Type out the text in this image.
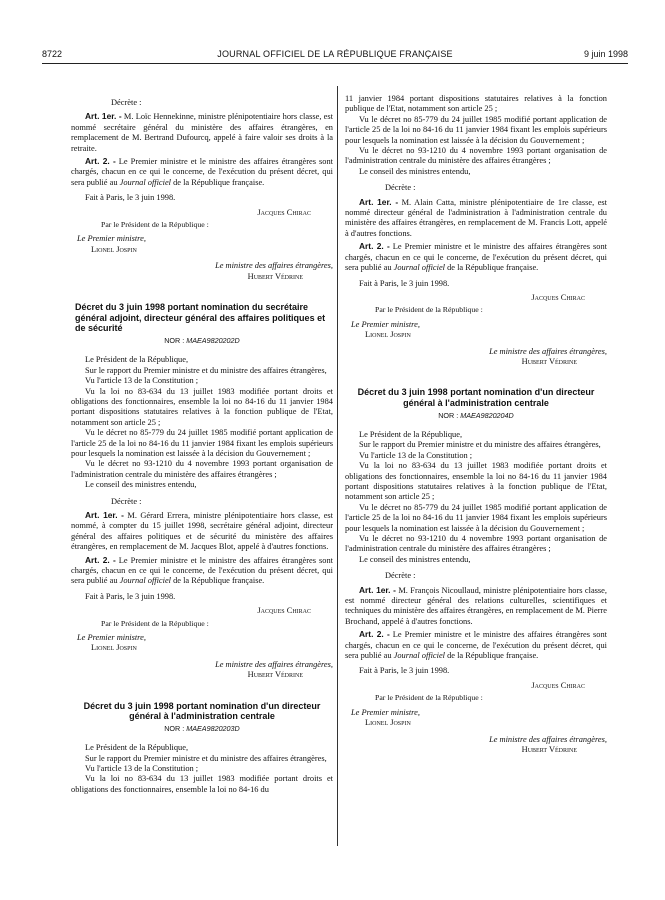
8722	JOURNAL OFFICIEL DE LA RÉPUBLIQUE FRANÇAISE	9 juin 1998

Décrète :

Art. 1er. - M. Loïc Hennekinne, ministre plénipotentiaire hors classe, est nommé secrétaire général du ministère des affaires étrangères, en remplacement de M. Bertrand Dufourcq, appelé à faire valoir ses droits à la retraite.

Art. 2. - Le Premier ministre et le ministre des affaires étrangères sont chargés, chacun en ce qui le concerne, de l'exécution du présent décret, qui sera publié au Journal officiel de la République française.

Fait à Paris, le 3 juin 1998.

Jacques Chirac

Par le Président de la République :

Le Premier ministre,

Lionel Jospin

Le ministre des affaires étrangères,

Hubert Védrine

Décret du 3 juin 1998 portant nomination du secrétaire général adjoint, directeur général des affaires politiques et de sécurité
NOR : MAEA9820202D

Le Président de la République,

Sur le rapport du Premier ministre et du ministre des affaires étrangères,

Vu l'article 13 de la Constitution ;

Vu la loi no 83-634 du 13 juillet 1983 modifiée portant droits et obligations des fonctionnaires, ensemble la loi no 84-16 du 11 janvier 1984 portant dispositions statutaires relatives à la fonction publique de l'Etat, notamment son article 25 ;

Vu le décret no 85-779 du 24 juillet 1985 modifié portant application de l'article 25 de la loi no 84-16 du 11 janvier 1984 fixant les emplois supérieurs pour lesquels la nomination est laissée à la décision du Gouvernement ;

Vu le décret no 93-1210 du 4 novembre 1993 portant organisation de l'administration centrale du ministère des affaires étrangères ;

Le conseil des ministres entendu,

Décrète :

Art. 1er. - M. Gérard Errera, ministre plénipotentiaire hors classe, est nommé, à compter du 15 juillet 1998, secrétaire général adjoint, directeur général des affaires politiques et de sécurité du ministère des affaires étrangères, en remplacement de M. Jacques Blot, appelé à d'autres fonctions.

Art. 2. - Le Premier ministre et le ministre des affaires étrangères sont chargés, chacun en ce qui le concerne, de l'exécution du présent décret, qui sera publié au Journal officiel de la République française.

Fait à Paris, le 3 juin 1998.

Jacques Chirac

Par le Président de la République :

Le Premier ministre,

Lionel Jospin

Le ministre des affaires étrangères,

Hubert Védrine

Décret du 3 juin 1998 portant nomination d'un directeur général à l'administration centrale
NOR : MAEA9820203D

Le Président de la République,

Sur le rapport du Premier ministre et du ministre des affaires étrangères,

Vu l'article 13 de la Constitution ;

Vu la loi no 83-634 du 13 juillet 1983 modifiée portant droits et obligations des fonctionnaires, ensemble la loi no 84-16 du

11 janvier 1984 portant dispositions statutaires relatives à la fonction publique de l'Etat, notamment son article 25 ;

Vu le décret no 85-779 du 24 juillet 1985 modifié portant application de l'article 25 de la loi no 84-16 du 11 janvier 1984 fixant les emplois supérieurs pour lesquels la nomination est laissée à la décision du Gouvernement ;

Vu le décret no 93-1210 du 4 novembre 1993 portant organisation de l'administration centrale du ministère des affaires étrangères ;

Le conseil des ministres entendu,

Décrète :

Art. 1er. - M. Alain Catta, ministre plénipotentiaire de 1re classe, est nommé directeur général de l'administration à l'administration centrale du ministère des affaires étrangères, en remplacement de M. Francis Lott, appelé à d'autres fonctions.

Art. 2. - Le Premier ministre et le ministre des affaires étrangères sont chargés, chacun en ce qui le concerne, de l'exécution du présent décret, qui sera publié au Journal officiel de la République française.

Fait à Paris, le 3 juin 1998.

Jacques Chirac

Par le Président de la République :

Le Premier ministre,

Lionel Jospin

Le ministre des affaires étrangères,

Hubert Védrine

Décret du 3 juin 1998 portant nomination d'un directeur général à l'administration centrale
NOR : MAEA9820204D

Le Président de la République,

Sur le rapport du Premier ministre et du ministre des affaires étrangères,

Vu l'article 13 de la Constitution ;

Vu la loi no 83-634 du 13 juillet 1983 modifiée portant droits et obligations des fonctionnaires, ensemble la loi no 84-16 du 11 janvier 1984 portant dispositions statutaires relatives à la fonction publique de l'Etat, notamment son article 25 ;

Vu le décret no 85-779 du 24 juillet 1985 modifié portant application de l'article 25 de la loi no 84-16 du 11 janvier 1984 fixant les emplois supérieurs pour lesquels la nomination est laissée à la décision du Gouvernement ;

Vu le décret no 93-1210 du 4 novembre 1993 portant organisation de l'administration centrale du ministère des affaires étrangères ;

Le conseil des ministres entendu,

Décrète :

Art. 1er. - M. François Nicoullaud, ministre plénipotentiaire hors classe, est nommé directeur général des relations culturelles, scientifiques et techniques du ministère des affaires étrangères, en remplacement de M. Pierre Brochand, appelé à d'autres fonctions.

Art. 2. - Le Premier ministre et le ministre des affaires étrangères sont chargés, chacun en ce qui le concerne, de l'exécution du présent décret, qui sera publié au Journal officiel de la République française.

Fait à Paris, le 3 juin 1998.

Jacques Chirac

Par le Président de la République :

Le Premier ministre,

Lionel Jospin

Le ministre des affaires étrangères,

Hubert Védrine
